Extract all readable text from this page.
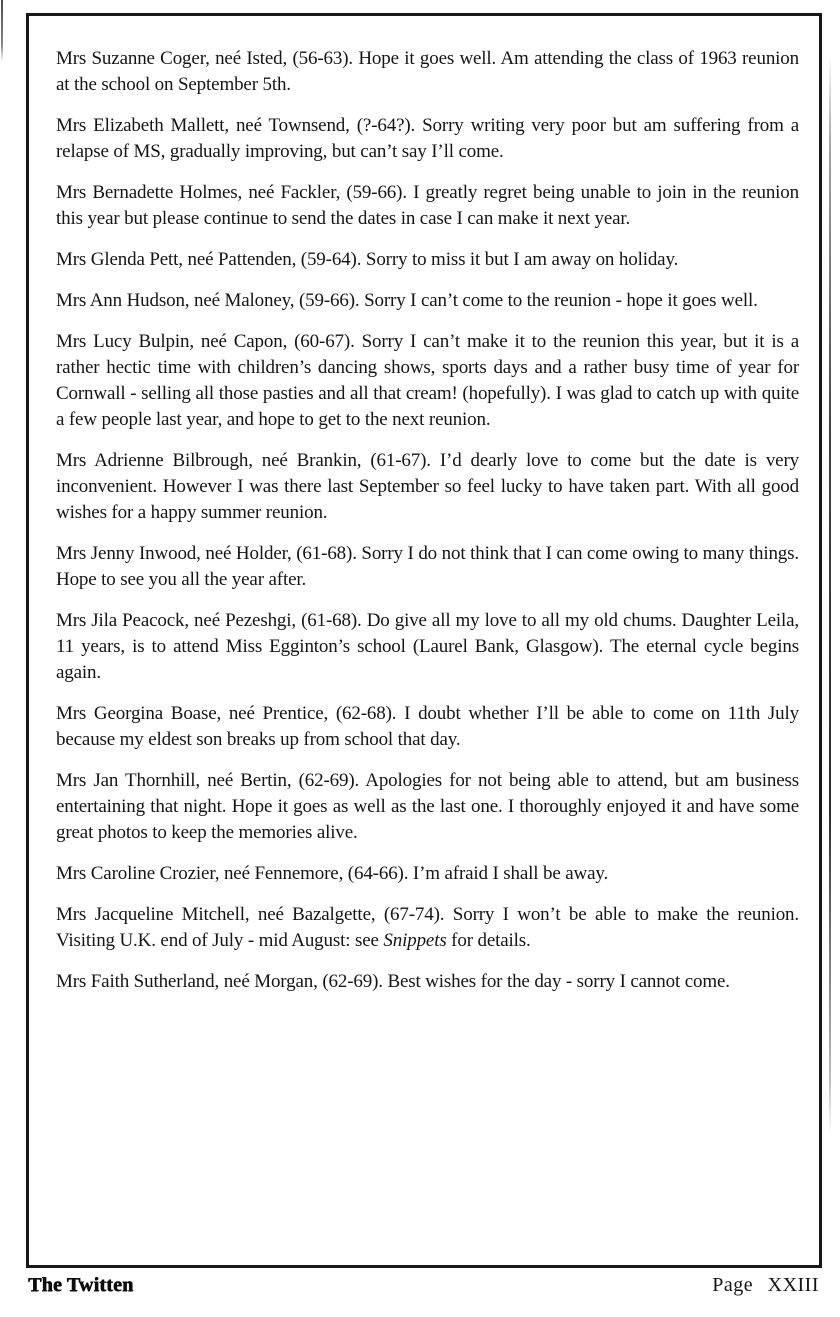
Mrs Suzanne Coger, neé Isted, (56-63). Hope it goes well. Am attending the class of 1963 reunion at the school on September 5th.

Mrs Elizabeth Mallett, neé Townsend, (?-64?). Sorry writing very poor but am suffering from a relapse of MS, gradually improving, but can’t say I’ll come.

Mrs Bernadette Holmes, neé Fackler, (59-66). I greatly regret being unable to join in the reunion this year but please continue to send the dates in case I can make it next year.

Mrs Glenda Pett, neé Pattenden, (59-64). Sorry to miss it but I am away on holiday.

Mrs Ann Hudson, neé Maloney, (59-66). Sorry I can’t come to the reunion - hope it goes well.

Mrs Lucy Bulpin, neé Capon, (60-67). Sorry I can’t make it to the reunion this year, but it is a rather hectic time with children’s dancing shows, sports days and a rather busy time of year for Cornwall - selling all those pasties and all that cream! (hopefully). I was glad to catch up with quite a few people last year, and hope to get to the next reunion.

Mrs Adrienne Bilbrough, neé Brankin, (61-67). I’d dearly love to come but the date is very inconvenient. However I was there last September so feel lucky to have taken part. With all good wishes for a happy summer reunion.

Mrs Jenny Inwood, neé Holder, (61-68). Sorry I do not think that I can come owing to many things. Hope to see you all the year after.

Mrs Jila Peacock, neé Pezeshgi, (61-68). Do give all my love to all my old chums. Daughter Leila, 11 years, is to attend Miss Egginton’s school (Laurel Bank, Glasgow). The eternal cycle begins again.

Mrs Georgina Boase, neé Prentice, (62-68). I doubt whether I’ll be able to come on 11th July because my eldest son breaks up from school that day.

Mrs Jan Thornhill, neé Bertin, (62-69). Apologies for not being able to attend, but am business entertaining that night. Hope it goes as well as the last one. I thoroughly enjoyed it and have some great photos to keep the memories alive.

Mrs Caroline Crozier, neé Fennemore, (64-66). I’m afraid I shall be away.

Mrs Jacqueline Mitchell, neé Bazalgette, (67-74). Sorry I won’t be able to make the reunion. Visiting U.K. end of July - mid August: see Snippets for details.

Mrs Faith Sutherland, neé Morgan, (62-69). Best wishes for the day - sorry I cannot come.

The Twitten	Page XXIII
